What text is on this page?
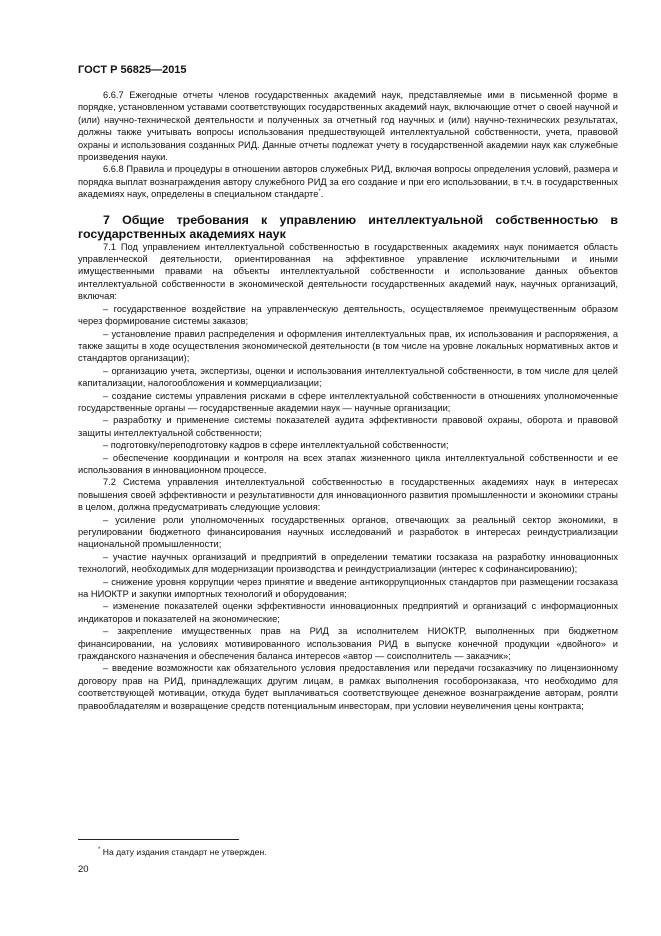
ГОСТ Р 56825—2015

6.6.7 Ежегодные отчеты членов государственных академий наук, представляемые ими в письменной форме в порядке, установленном уставами соответствующих государственных академий наук, включающие отчет о своей научной и (или) научно-технической деятельности и полученных за отчетный год научных и (или) научно-технических результатах, должны также учитывать вопросы использования предшествующей интеллектуальной собственности, учета, правовой охраны и использования созданных РИД. Данные отчеты подлежат учету в государственной академии наук как служебные произведения науки.

6.6.8 Правила и процедуры в отношении авторов служебных РИД, включая вопросы определения условий, размера и порядка выплат вознаграждения автору служебного РИД за его создание и при его использовании, в т.ч. в государственных академиях наук, определены в специальном стандарте*.

7 Общие требования к управлению интеллектуальной собственностью в государственных академиях наук

7.1 Под управлением интеллектуальной собственностью в государственных академиях наук понимается область управленческой деятельности, ориентированная на эффективное управление исключительными и иными имущественными правами на объекты интеллектуальной собственности и использование данных объектов интеллектуальной собственности в экономической деятельности государственных академий наук, научных организаций, включая:

– государственное воздействие на управленческую деятельность, осуществляемое преимущественным образом через формирование системы заказов;

– установление правил распределения и оформления интеллектуальных прав, их использования и распоряжения, а также защиты в ходе осуществления экономической деятельности (в том числе на уровне локальных нормативных актов и стандартов организации);

– организацию учета, экспертизы, оценки и использования интеллектуальной собственности, в том числе для целей капитализации, налогообложения и коммерциализации;

– создание системы управления рисками в сфере интеллектуальной собственности в отношениях уполномоченные государственные органы — государственные академии наук — научные организации;

– разработку и применение системы показателей аудита эффективности правовой охраны, оборота и правовой защиты интеллектуальной собственности;

– подготовку/переподготовку кадров в сфере интеллектуальной собственности;

– обеспечение координации и контроля на всех этапах жизненного цикла интеллектуальной собственности и ее использования в инновационном процессе.

7.2 Система управления интеллектуальной собственностью в государственных академиях наук в интересах повышения своей эффективности и результативности для инновационного развития промышленности и экономики страны в целом, должна предусматривать следующие условия:

– усиление роли уполномоченных государственных органов, отвечающих за реальный сектор экономики, в регулировании бюджетного финансирования научных исследований и разработок в интересах реиндустриализации национальной промышленности;

– участие научных организаций и предприятий в определении тематики госзаказа на разработку инновационных технологий, необходимых для модернизации производства и реиндустриализации (интерес к софинансированию);

– снижение уровня коррупции через принятие и введение антикоррупционных стандартов при размещении госзаказа на НИОКТР и закупки импортных технологий и оборудования;

– изменение показателей оценки эффективности инновационных предприятий и организаций с информационных индикаторов и показателей на экономические;

– закрепление имущественных прав на РИД за исполнителем НИОКТР, выполненных при бюджетном финансировании, на условиях мотивированного использования РИД в выпуске конечной продукции «двойного» и гражданского назначения и обеспечения баланса интересов «автор — соисполнитель — заказчик»;

– введение возможности как обязательного условия предоставления или передачи госзаказчику по лицензионному договору прав на РИД, принадлежащих другим лицам, в рамках выполнения гособоронзаказа, что необходимо для соответствующей мотивации, откуда будет выплачиваться соответствующее денежное вознаграждение авторам, роялти правообладателям и возвращение средств потенциальным инвесторам, при условии неувеличения цены контракта;

* На дату издания стандарт не утвержден.
20
